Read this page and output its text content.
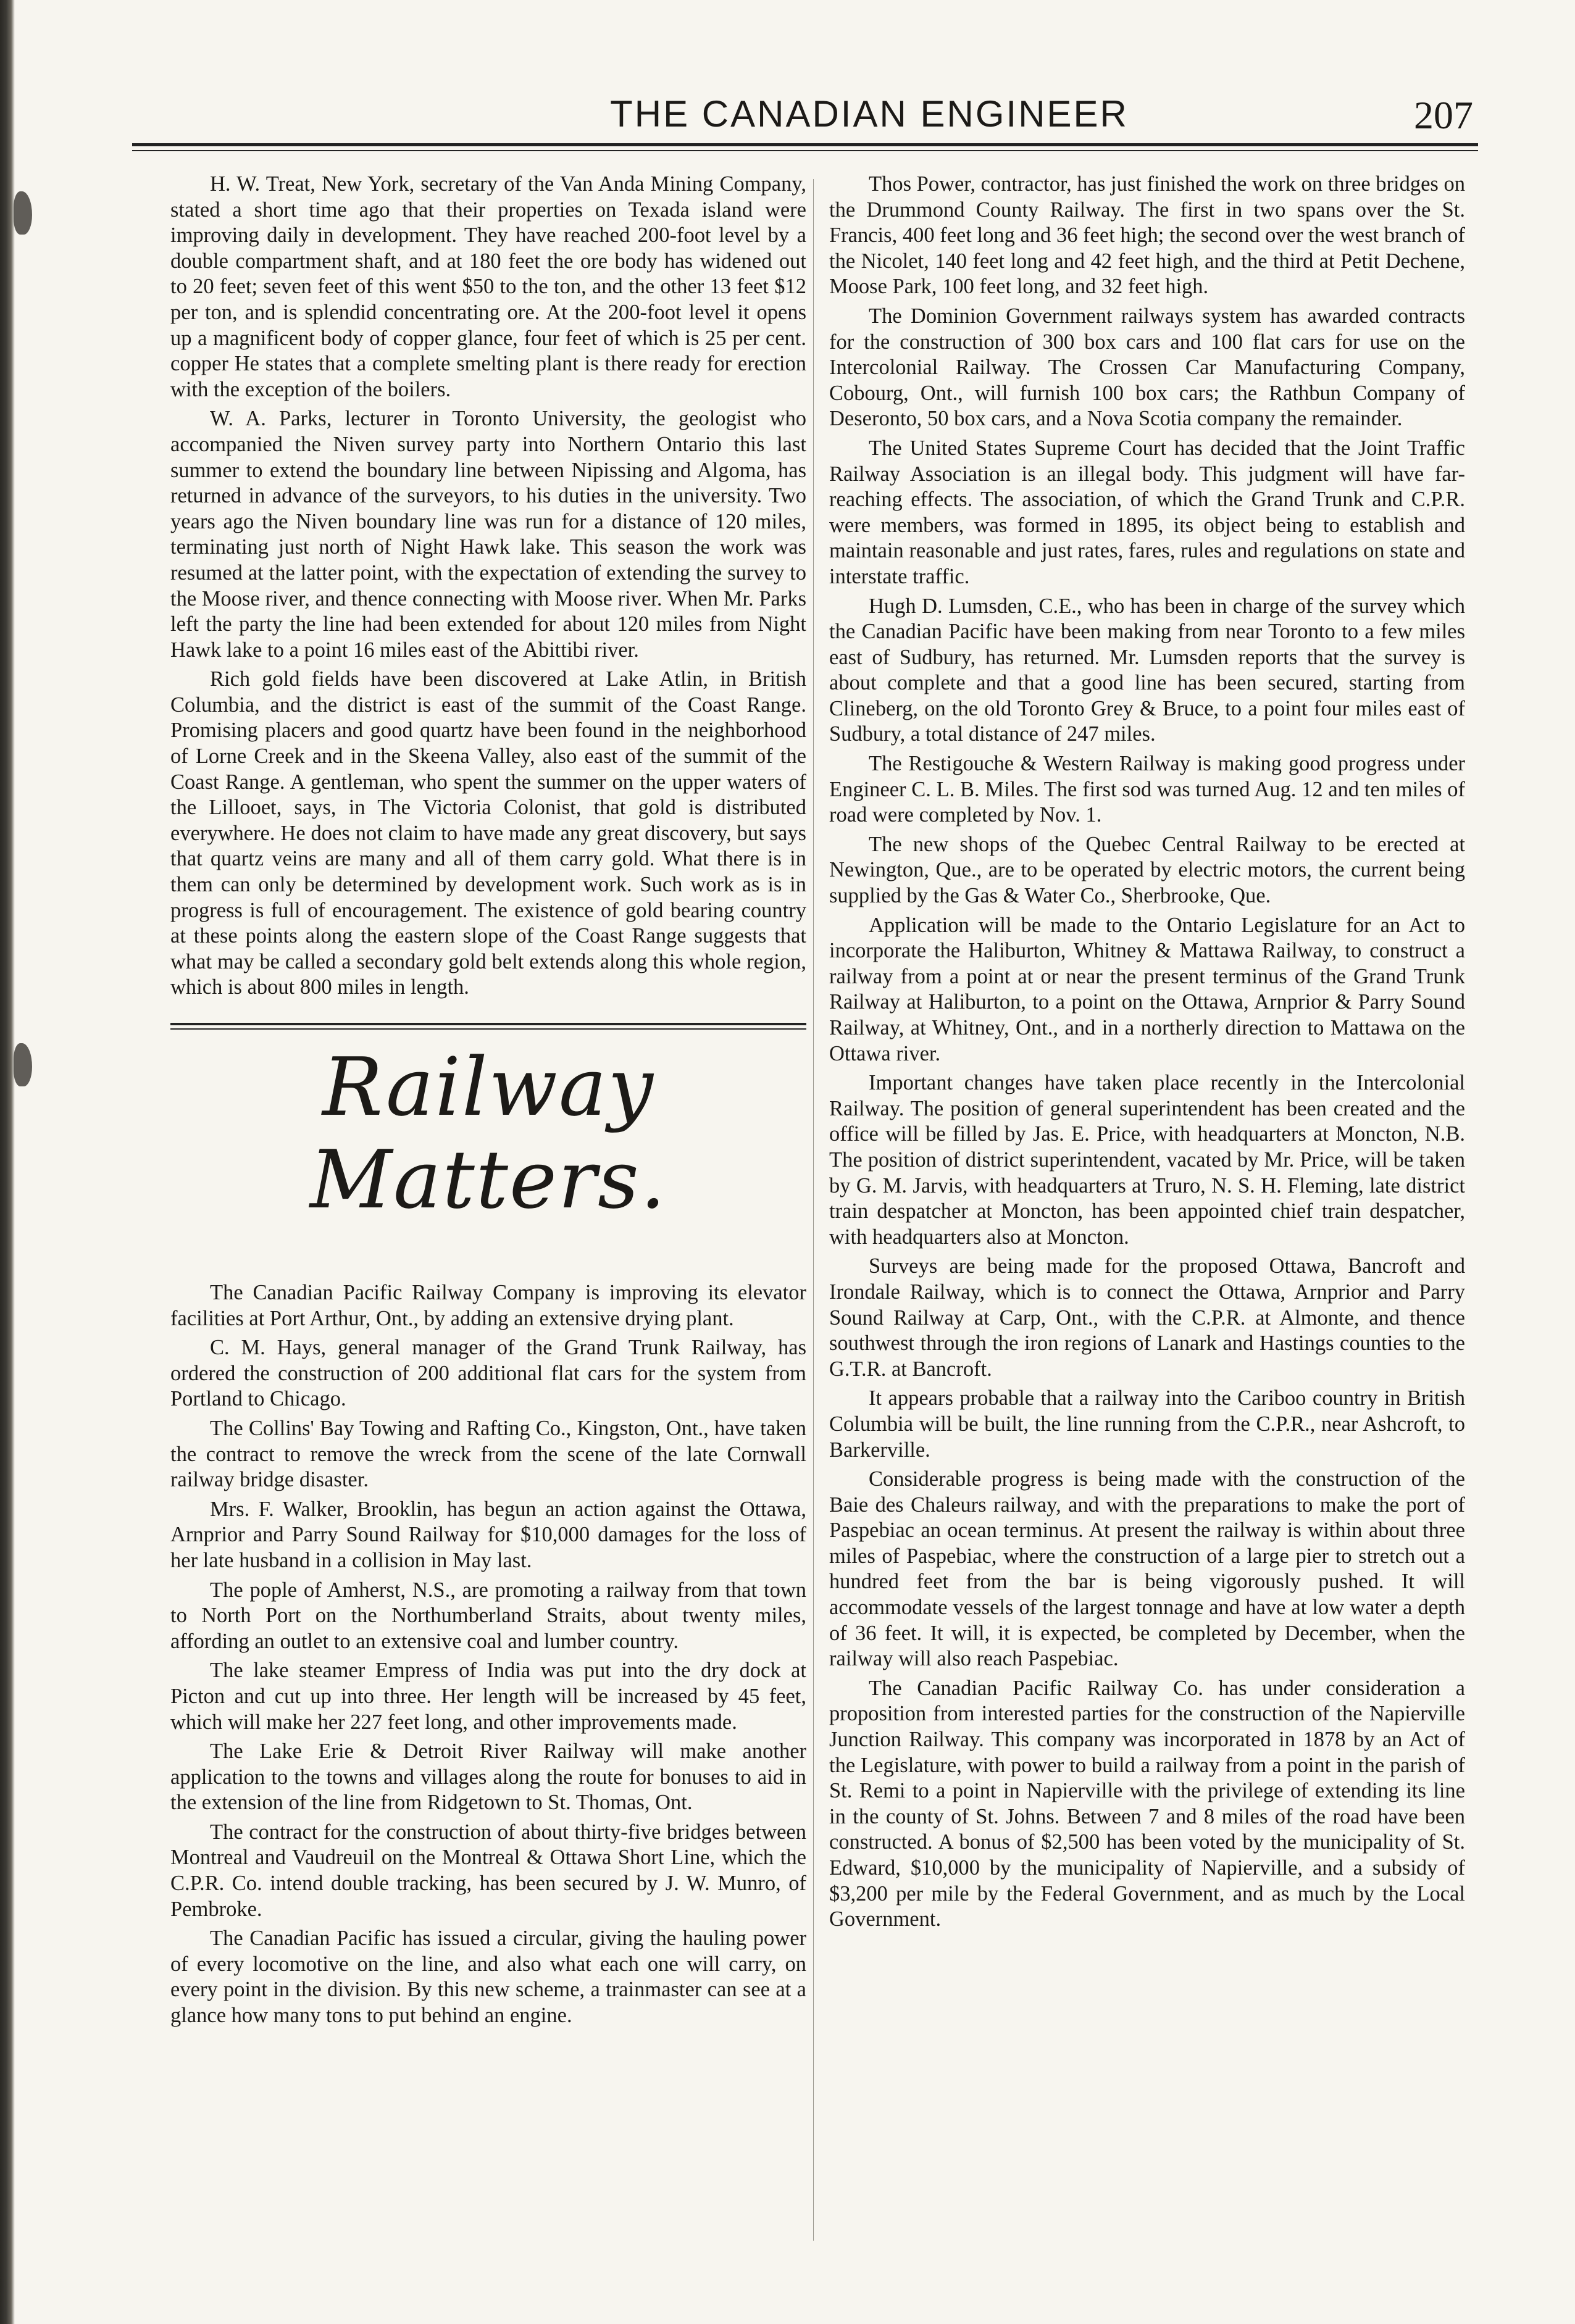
THE CANADIAN ENGINEER	207

H. W. Treat, New York, secretary of the Van Anda Mining Company, stated a short time ago that their properties on Texada island were improving daily in development. They have reached 200-foot level by a double compartment shaft, and at 180 feet the ore body has widened out to 20 feet; seven feet of this went $50 to the ton, and the other 13 feet $12 per ton, and is splendid concentrating ore. At the 200-foot level it opens up a magnificent body of copper glance, four feet of which is 25 per cent. copper He states that a complete smelting plant is there ready for erection with the exception of the boilers.

W. A. Parks, lecturer in Toronto University, the geologist who accompanied the Niven survey party into Northern Ontario this last summer to extend the boundary line between Nipissing and Algoma, has returned in advance of the surveyors, to his duties in the university. Two years ago the Niven boundary line was run for a distance of 120 miles, terminating just north of Night Hawk lake. This season the work was resumed at the latter point, with the expectation of extending the survey to the Moose river, and thence connecting with Moose river. When Mr. Parks left the party the line had been extended for about 120 miles from Night Hawk lake to a point 16 miles east of the Abittibi river.

Rich gold fields have been discovered at Lake Atlin, in British Columbia, and the district is east of the summit of the Coast Range. Promising placers and good quartz have been found in the neighborhood of Lorne Creek and in the Skeena Valley, also east of the summit of the Coast Range. A gentleman, who spent the summer on the upper waters of the Lillooet, says, in The Victoria Colonist, that gold is distributed everywhere. He does not claim to have made any great discovery, but says that quartz veins are many and all of them carry gold. What there is in them can only be determined by development work. Such work as is in progress is full of encouragement. The existence of gold bearing country at these points along the eastern slope of the Coast Range suggests that what may be called a secondary gold belt extends along this whole region, which is about 800 miles in length.

Railway Matters.

The Canadian Pacific Railway Company is improving its elevator facilities at Port Arthur, Ont., by adding an extensive drying plant.

C. M. Hays, general manager of the Grand Trunk Railway, has ordered the construction of 200 additional flat cars for the system from Portland to Chicago.

The Collins' Bay Towing and Rafting Co., Kingston, Ont., have taken the contract to remove the wreck from the scene of the late Cornwall railway bridge disaster.

Mrs. F. Walker, Brooklin, has begun an action against the Ottawa, Arnprior and Parry Sound Railway for $10,000 damages for the loss of her late husband in a collision in May last.

The pople of Amherst, N.S., are promoting a railway from that town to North Port on the Northumberland Straits, about twenty miles, affording an outlet to an extensive coal and lumber country.

The lake steamer Empress of India was put into the dry dock at Picton and cut up into three. Her length will be increased by 45 feet, which will make her 227 feet long, and other improvements made.

The Lake Erie & Detroit River Railway will make another application to the towns and villages along the route for bonuses to aid in the extension of the line from Ridgetown to St. Thomas, Ont.

The contract for the construction of about thirty-five bridges between Montreal and Vaudreuil on the Montreal & Ottawa Short Line, which the C.P.R. Co. intend double tracking, has been secured by J. W. Munro, of Pembroke.

The Canadian Pacific has issued a circular, giving the hauling power of every locomotive on the line, and also what each one will carry, on every point in the division. By this new scheme, a trainmaster can see at a glance how many tons to put behind an engine.

Thos Power, contractor, has just finished the work on three bridges on the Drummond County Railway. The first in two spans over the St. Francis, 400 feet long and 36 feet high; the second over the west branch of the Nicolet, 140 feet long and 42 feet high, and the third at Petit Dechene, Moose Park, 100 feet long, and 32 feet high.

The Dominion Government railways system has awarded contracts for the construction of 300 box cars and 100 flat cars for use on the Intercolonial Railway. The Crossen Car Manufacturing Company, Cobourg, Ont., will furnish 100 box cars; the Rathbun Company of Deseronto, 50 box cars, and a Nova Scotia company the remainder.

The United States Supreme Court has decided that the Joint Traffic Railway Association is an illegal body. This judgment will have far-reaching effects. The association, of which the Grand Trunk and C.P.R. were members, was formed in 1895, its object being to establish and maintain reasonable and just rates, fares, rules and regulations on state and interstate traffic.

Hugh D. Lumsden, C.E., who has been in charge of the survey which the Canadian Pacific have been making from near Toronto to a few miles east of Sudbury, has returned. Mr. Lumsden reports that the survey is about complete and that a good line has been secured, starting from Clineberg, on the old Toronto Grey & Bruce, to a point four miles east of Sudbury, a total distance of 247 miles.

The Restigouche & Western Railway is making good progress under Engineer C. L. B. Miles. The first sod was turned Aug. 12 and ten miles of road were completed by Nov. 1.

The new shops of the Quebec Central Railway to be erected at Newington, Que., are to be operated by electric motors, the current being supplied by the Gas & Water Co., Sherbrooke, Que.

Application will be made to the Ontario Legislature for an Act to incorporate the Haliburton, Whitney & Mattawa Railway, to construct a railway from a point at or near the present terminus of the Grand Trunk Railway at Haliburton, to a point on the Ottawa, Arnprior & Parry Sound Railway, at Whitney, Ont., and in a northerly direction to Mattawa on the Ottawa river.

Important changes have taken place recently in the Intercolonial Railway. The position of general superintendent has been created and the office will be filled by Jas. E. Price, with headquarters at Moncton, N.B. The position of district superintendent, vacated by Mr. Price, will be taken by G. M. Jarvis, with headquarters at Truro, N. S. H. Fleming, late district train despatcher at Moncton, has been appointed chief train despatcher, with headquarters also at Moncton.

Surveys are being made for the proposed Ottawa, Bancroft and Irondale Railway, which is to connect the Ottawa, Arnprior and Parry Sound Railway at Carp, Ont., with the C.P.R. at Almonte, and thence southwest through the iron regions of Lanark and Hastings counties to the G.T.R. at Bancroft.

It appears probable that a railway into the Cariboo country in British Columbia will be built, the line running from the C.P.R., near Ashcroft, to Barkerville.

Considerable progress is being made with the construction of the Baie des Chaleurs railway, and with the preparations to make the port of Paspebiac an ocean terminus. At present the railway is within about three miles of Paspebiac, where the construction of a large pier to stretch out a hundred feet from the bar is being vigorously pushed. It will accommodate vessels of the largest tonnage and have at low water a depth of 36 feet. It will, it is expected, be completed by December, when the railway will also reach Paspebiac.

The Canadian Pacific Railway Co. has under consideration a proposition from interested parties for the construction of the Napierville Junction Railway. This company was incorporated in 1878 by an Act of the Legislature, with power to build a railway from a point in the parish of St. Remi to a point in Napierville with the privilege of extending its line in the county of St. Johns. Between 7 and 8 miles of the road have been constructed. A bonus of $2,500 has been voted by the municipality of St. Edward, $10,000 by the municipality of Napierville, and a subsidy of $3,200 per mile by the Federal Government, and as much by the Local Government.
